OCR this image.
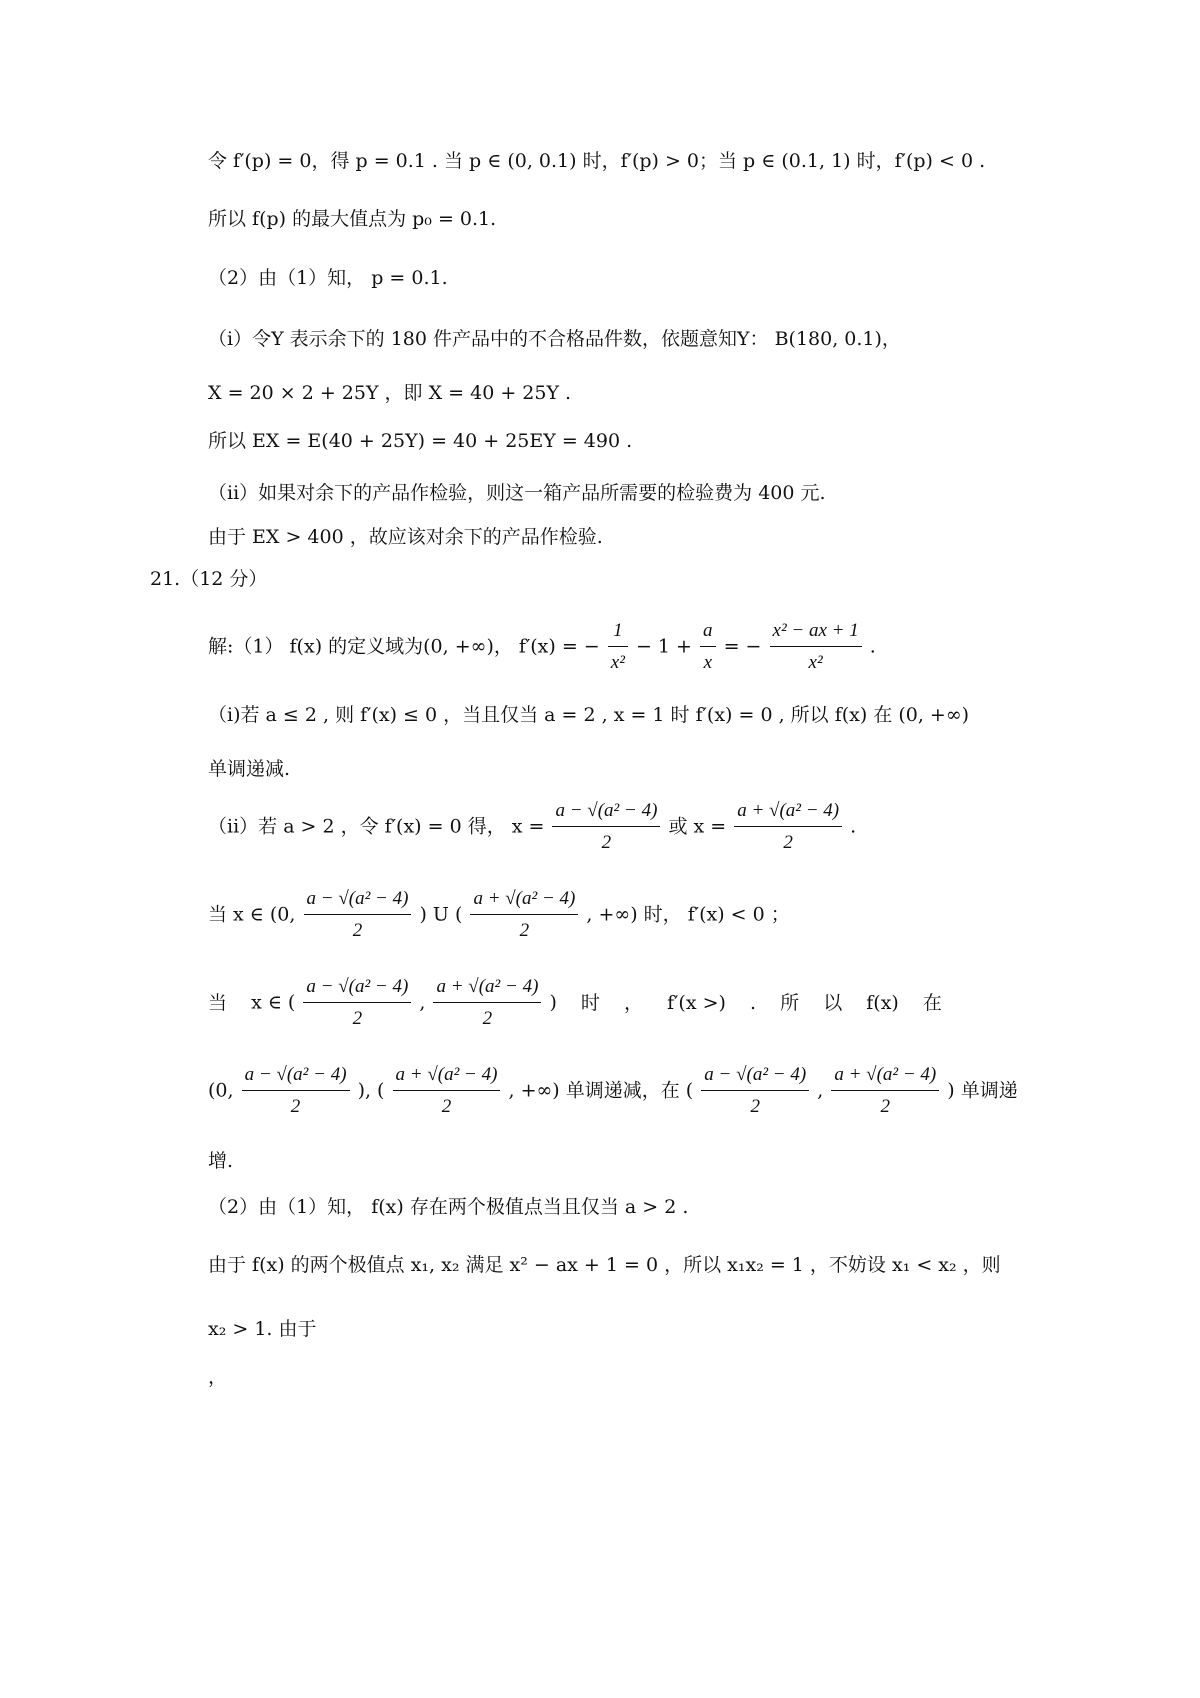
令 f′(p) = 0，得 p = 0.1 . 当 p ∈ (0, 0.1) 时，f′(p) > 0；当 p ∈ (0.1, 1) 时，f′(p) < 0 .
所以 f(p) 的最大值点为 p₀ = 0.1.
（2）由（1）知， p = 0.1.
（i）令Y 表示余下的 180 件产品中的不合格品件数，依题意知Y： B(180, 0.1)，
X = 20 × 2 + 25Y ，即 X = 40 + 25Y .
所以 EX = E(40 + 25Y) = 40 + 25EY = 490 .
（ii）如果对余下的产品作检验，则这一箱产品所需要的检验费为 400 元.
由于 EX > 400 ，故应该对余下的产品作检验.
21.（12 分）
解:（1） f(x) 的定义域为(0, +∞)， f′(x) = − $\frac{1}{\text{x²}} - 1 + \frac{a}{x}$ = − $\frac{\text{x² − ax + 1}}{\text{x²}}$ .
（i)若 a ≤ 2 , 则 f′(x) ≤ 0 ，当且仅当 a = 2 , x = 1 时 f′(x) = 0 , 所以 f(x) 在 (0, +∞)
单调递减.
（ii）若 a > 2 ，令 f′(x) = 0 得， $x = \frac{\text{a − √(a² − 4)}}{2}$ 或 $x = \frac{\text{a + √(a² − 4)}}{2}$ .
当 x ∈ (0, $\frac{\text{a − √(a² − 4)}}{2}$ ) U ( $\frac{\text{a + √(a² − 4)}}{2}$ , +∞) 时， f′(x) < 0 ；
当 x ∈ ( $\frac{\text{a − √(a² − 4)}}{2}$ , $\frac{\text{a + √(a² − 4)}}{2}$ ) 时 ， f′(x >) . 所 以 f(x) 在
(0, $\frac{\text{a − √(a² − 4)}}{2}$ ), ( $\frac{\text{a + √(a² − 4)}}{2}$ , +∞) 单调递减，在 ( $\frac{\text{a − √(a² − 4)}}{2}$ , $\frac{\text{a + √(a² − 4)}}{2}$ ) 单调递
增.
（2）由（1）知， f(x) 存在两个极值点当且仅当 a > 2 .
由于 f(x) 的两个极值点 x₁, x₂ 满足 x² − ax + 1 = 0 ，所以 x₁x₂ = 1 ，不妨设 x₁ < x₂ ，则
x₂ > 1. 由于
，
